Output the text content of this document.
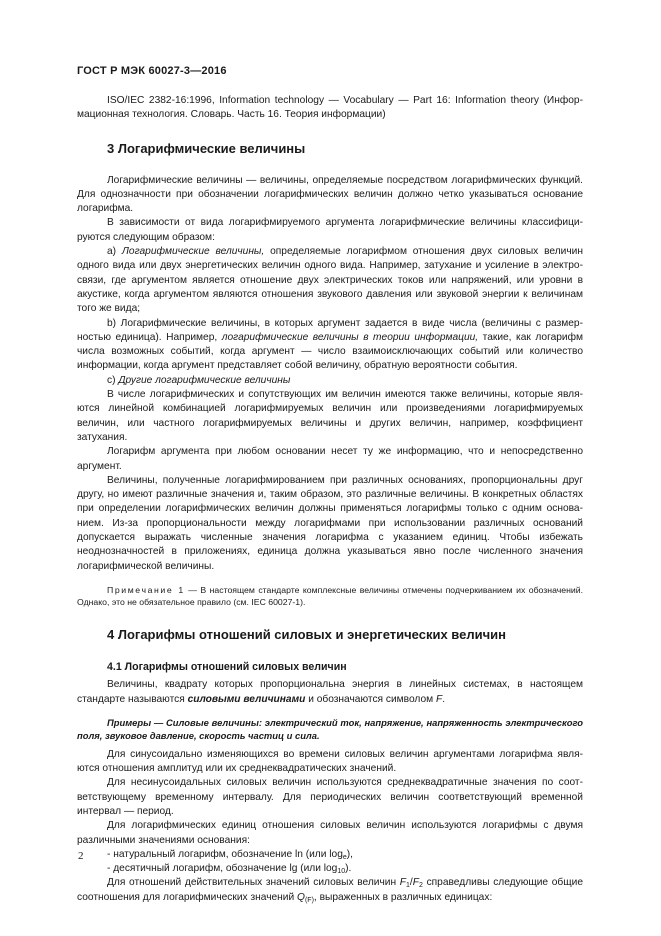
ГОСТ Р МЭК 60027-3—2016

ISO/IEC 2382-16:1996, Information technology — Vocabulary — Part 16: Information theory (Информационная технология. Словарь. Часть 16. Теория информации)

3 Логарифмические величины

Логарифмические величины — величины, определяемые посредством логарифмических функций. Для однозначности при обозначении логарифмических величин должно четко указываться основание логарифма.

В зависимости от вида логарифмируемого аргумента логарифмические величины классифицируются следующим образом:

a) Логарифмические величины, определяемые логарифмом отношения двух силовых величин одного вида или двух энергетических величин одного вида. Например, затухание и усиление в электросвязи, где аргументом является отношение двух электрических токов или напряжений, или уровни в акустике, когда аргументом являются отношения звукового давления или звуковой энергии к величинам того же вида;

b) Логарифмические величины, в которых аргумент задается в виде числа (величины с размерностью единица). Например, логарифмические величины в теории информации, такие, как логарифм числа возможных событий, когда аргумент — число взаимоисключающих событий или количество информации, когда аргумент представляет собой величину, обратную вероятности события.

c) Другие логарифмические величины

В числе логарифмических и сопутствующих им величин имеются также величины, которые являются линейной комбинацией логарифмируемых величин или произведениями логарифмируемых величин, или частного логарифмируемых величины и других величин, например, коэффициент затухания.

Логарифм аргумента при любом основании несет ту же информацию, что и непосредственно аргумент.

Величины, полученные логарифмированием при различных основаниях, пропорциональны друг другу, но имеют различные значения и, таким образом, это различные величины. В конкретных областях при определении логарифмических величин должны применяться логарифмы только с одним основанием. Из-за пропорциональности между логарифмами при использовании различных оснований допускается выражать численные значения логарифма с указанием единиц. Чтобы избежать неоднозначностей в приложениях, единица должна указываться явно после численного значения логарифмической величины.

Примечание 1 — В настоящем стандарте комплексные величины отмечены подчеркиванием их обозначений. Однако, это не обязательное правило (см. IEC 60027-1).

4 Логарифмы отношений силовых и энергетических величин
4.1 Логарифмы отношений силовых величин

Величины, квадрату которых пропорциональна энергия в линейных системах, в настоящем стандарте называются силовыми величинами и обозначаются символом F.

Примеры — Силовые величины: электрический ток, напряжение, напряженность электрического поля, звуковое давление, скорость частиц и сила.

Для синусоидально изменяющихся во времени силовых величин аргументами логарифма являются отношения амплитуд или их среднеквадратических значений.

Для несинусоидальных силовых величин используются среднеквадратичные значения по соответствующему временному интервалу. Для периодических величин соответствующий временной интервал — период.

Для логарифмических единиц отношения силовых величин используются логарифмы с двумя различными значениями основания:

- натуральный логарифм, обозначение ln (или $\log_e$),

- десятичный логарифм, обозначение lg (или $\log_{10}$).

Для отношений действительных значений силовых величин $F_1/F_2$ справедливы следующие общие соотношения для логарифмических значений $Q_{(F)}$, выраженных в различных единицах:

2
